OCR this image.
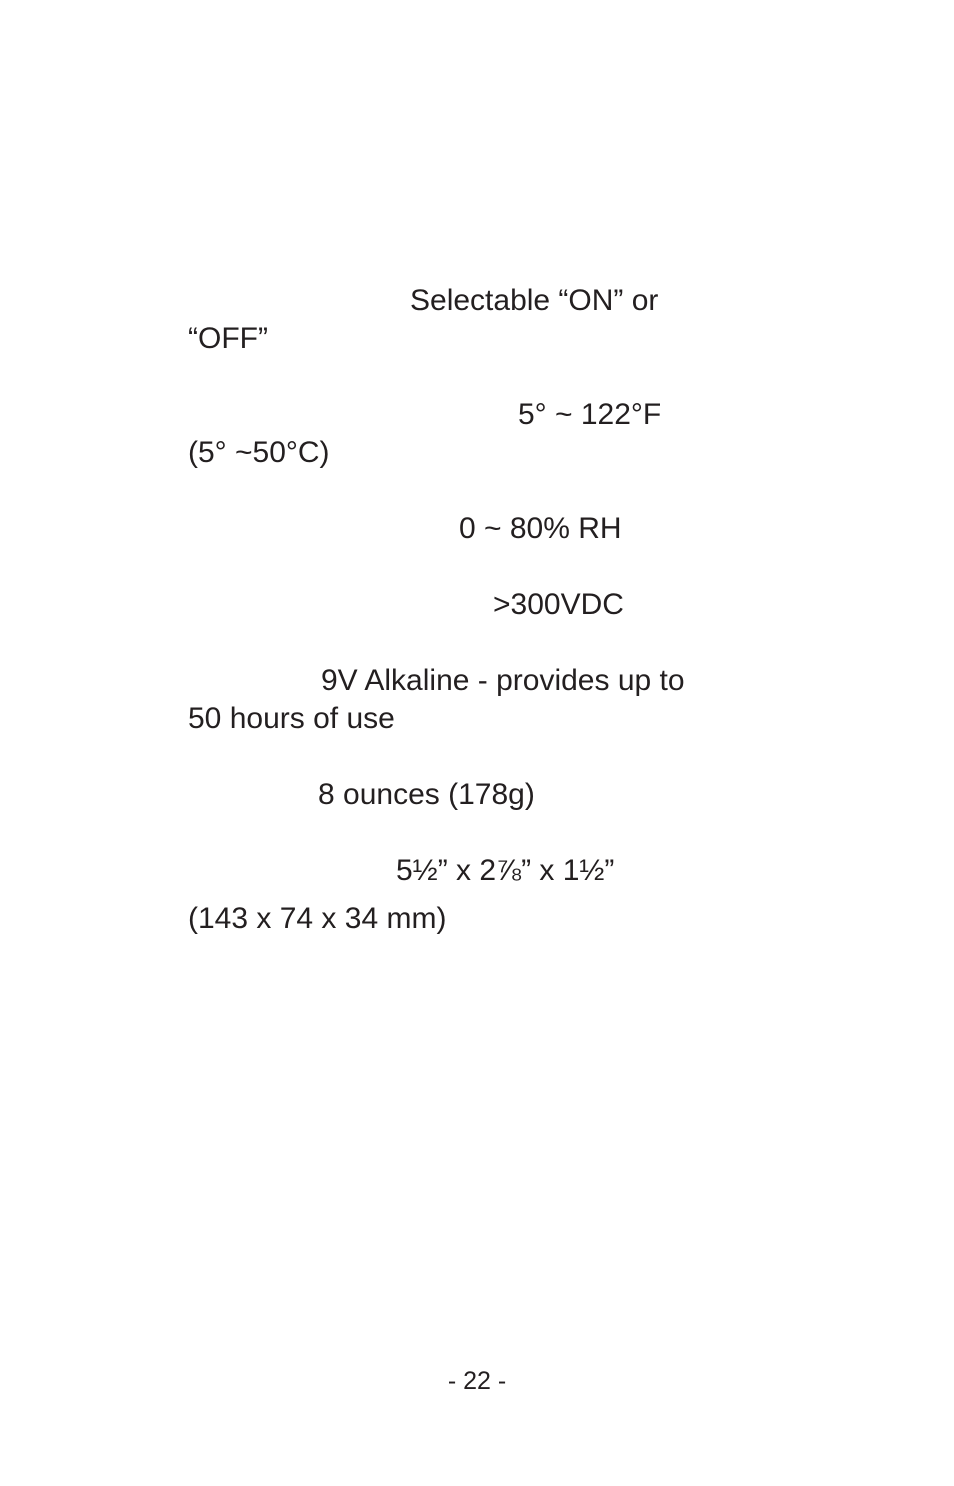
Selectable “ON” or
“OFF”
5° ~ 122°F
(5° ~50°C)
0 ~ 80% RH
>300VDC
9V Alkaline - provides up to
50 hours of use
8 ounces (178g)
5½” x 2⅞” x 1½”
(143 x 74 x 34 mm)
- 22 -
